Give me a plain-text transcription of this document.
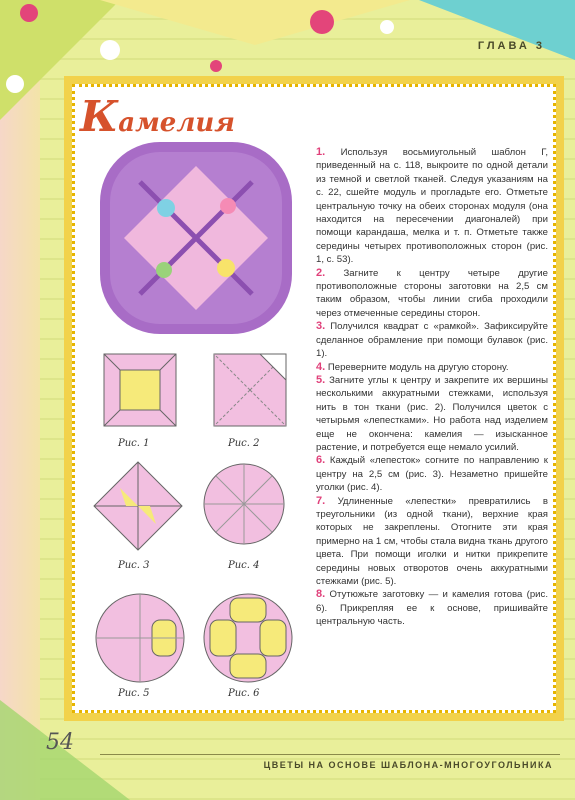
ГЛАВА 3
Камелия
Рис. 1	Рис. 2
Рис. 3	Рис. 4
Рис. 5	Рис. 6

1. Используя восьмиугольный шаблон Г, приведенный на с. 118, выкроите по одной детали из темной и светлой тканей. Следуя указаниям на с. 22, сшейте модуль и прогладьте его. Отметьте центральную точку на обеих сторонах модуля (она находится на пересечении диагоналей) при помощи карандаша, мелка и т. п. Отметьте также середины четырех противоположных сторон (рис. 1, с. 53).

2. Загните к центру четыре другие противоположные стороны заготовки на 2,5 см таким образом, чтобы линии сгиба проходили через отмеченные середины сторон.

3. Получился квадрат с «рамкой». Зафиксируйте сделанное обрамление при помощи булавок (рис. 1).

4. Переверните модуль на другую сторону.

5. Загните углы к центру и закрепите их вершины несколькими аккуратными стежками, используя нить в тон ткани (рис. 2). Получился цветок с четырьмя «лепестками». Но работа над изделием еще не окончена: камелия — изысканное растение, и потребуется еще немало усилий.

6. Каждый «лепесток» согните по направлению к центру на 2,5 см (рис. 3). Незаметно пришейте уголки (рис. 4).

7. Удлиненные «лепестки» превратились в треугольники (из одной ткани), верхние края которых не закреплены. Отогните эти края примерно на 1 см, чтобы стала видна ткань другого цвета. При помощи иголки и нитки прикрепите середины новых отворотов очень аккуратными стежками (рис. 5).

8. Отутюжьте заготовку — и камелия готова (рис. 6). Прикрепляя ее к основе, пришивайте центральную часть.

54
ЦВЕТЫ НА ОСНОВЕ ШАБЛОНА-МНОГОУГОЛЬНИКА
